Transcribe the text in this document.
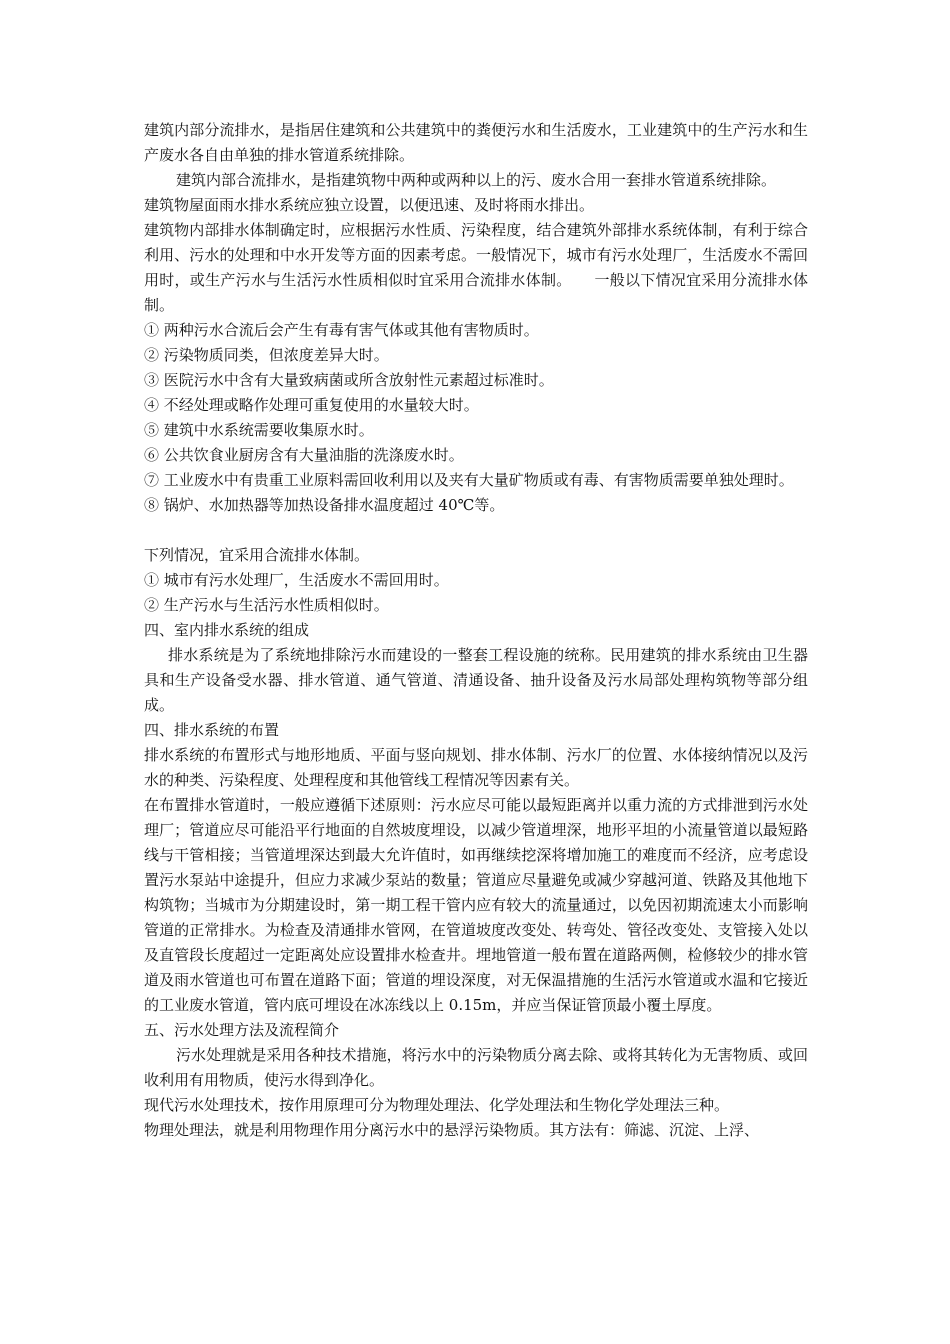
建筑内部分流排水，是指居住建筑和公共建筑中的粪便污水和生活废水，工业建筑中的生产污水和生产废水各自由单独的排水管道系统排除。

建筑内部合流排水，是指建筑物中两种或两种以上的污、废水合用一套排水管道系统排除。

建筑物屋面雨水排水系统应独立设置，以便迅速、及时将雨水排出。

建筑物内部排水体制确定时，应根据污水性质、污染程度，结合建筑外部排水系统体制，有利于综合利用、污水的处理和中水开发等方面的因素考虑。一般情况下，城市有污水处理厂，生活废水不需回用时，或生产污水与生活污水性质相似时宜采用合流排水体制。　　一般以下情况宜采用分流排水体制。

① 两种污水合流后会产生有毒有害气体或其他有害物质时。

② 污染物质同类，但浓度差异大时。

③ 医院污水中含有大量致病菌或所含放射性元素超过标准时。

④ 不经处理或略作处理可重复使用的水量较大时。

⑤ 建筑中水系统需要收集原水时。

⑥ 公共饮食业厨房含有大量油脂的洗涤废水时。

⑦ 工业废水中有贵重工业原料需回收利用以及夹有大量矿物质或有毒、有害物质需要单独处理时。

⑧ 锅炉、水加热器等加热设备排水温度超过 40℃等。

下列情况，宜采用合流排水体制。

① 城市有污水处理厂，生活废水不需回用时。

② 生产污水与生活污水性质相似时。

四、室内排水系统的组成

排水系统是为了系统地排除污水而建设的一整套工程设施的统称。民用建筑的排水系统由卫生器具和生产设备受水器、排水管道、通气管道、清通设备、抽升设备及污水局部处理构筑物等部分组成。

四、排水系统的布置

排水系统的布置形式与地形地质、平面与竖向规划、排水体制、污水厂的位置、水体接纳情况以及污水的种类、污染程度、处理程度和其他管线工程情况等因素有关。

在布置排水管道时，一般应遵循下述原则：污水应尽可能以最短距离并以重力流的方式排泄到污水处理厂；管道应尽可能沿平行地面的自然坡度埋设，以减少管道埋深，地形平坦的小流量管道以最短路线与干管相接；当管道埋深达到最大允许值时，如再继续挖深将增加施工的难度而不经济，应考虑设置污水泵站中途提升，但应力求减少泵站的数量；管道应尽量避免或减少穿越河道、铁路及其他地下构筑物；当城市为分期建设时，第一期工程干管内应有较大的流量通过，以免因初期流速太小而影响管道的正常排水。为检查及清通排水管网，在管道坡度改变处、转弯处、管径改变处、支管接入处以及直管段长度超过一定距离处应设置排水检查井。埋地管道一般布置在道路两侧，检修较少的排水管道及雨水管道也可布置在道路下面；管道的埋设深度，对无保温措施的生活污水管道或水温和它接近的工业废水管道，管内底可埋设在冰冻线以上 0.15m，并应当保证管顶最小覆土厚度。

五、污水处理方法及流程简介

污水处理就是采用各种技术措施，将污水中的污染物质分离去除、或将其转化为无害物质、或回收利用有用物质，使污水得到净化。

现代污水处理技术，按作用原理可分为物理处理法、化学处理法和生物化学处理法三种。

物理处理法，就是利用物理作用分离污水中的悬浮污染物质。其方法有：筛滤、沉淀、上浮、
